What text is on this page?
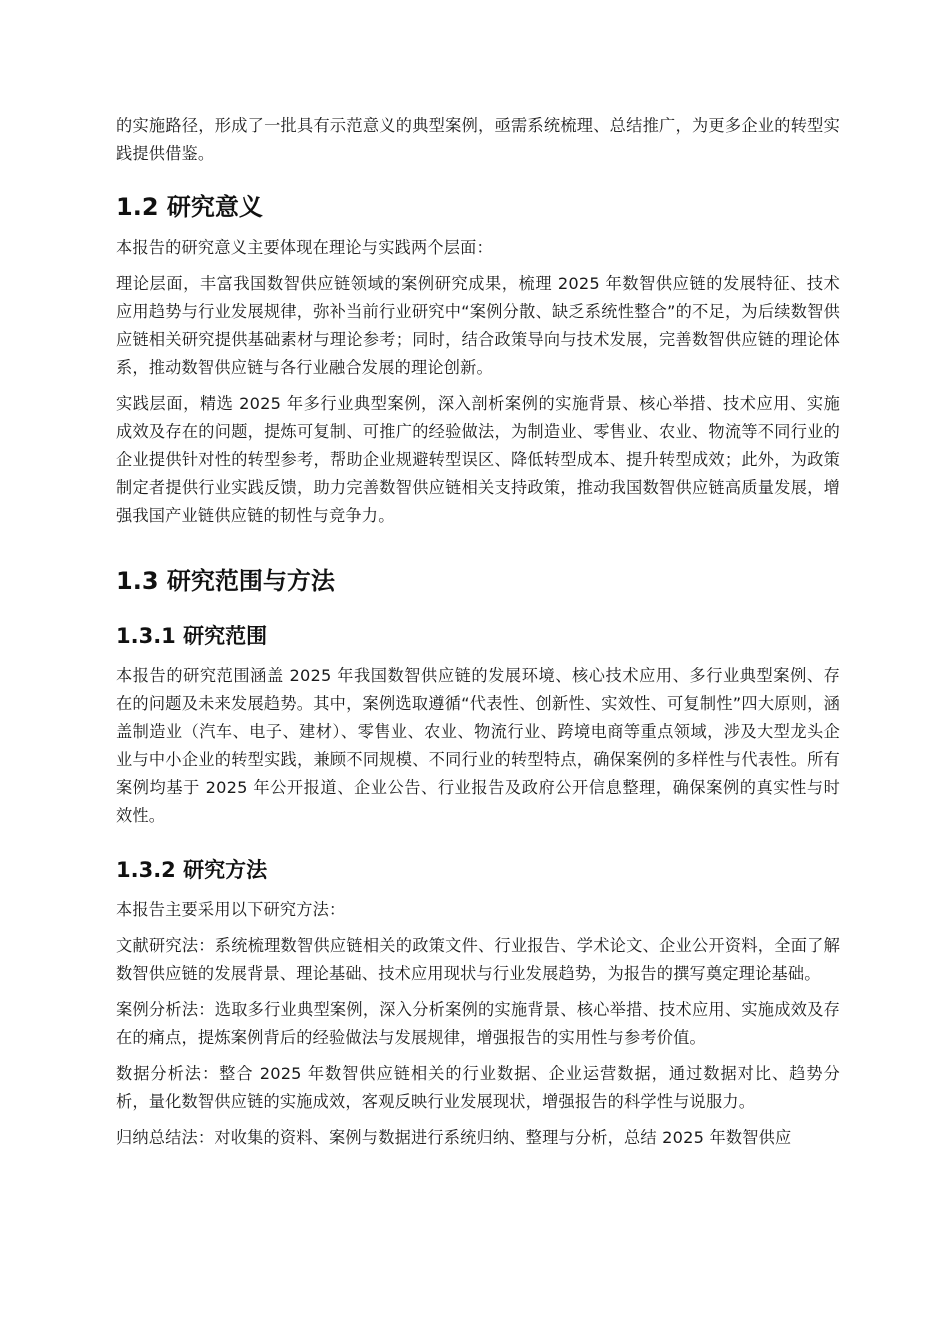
的实施路径，形成了一批具有示范意义的典型案例，亟需系统梳理、总结推广，为更多企业的转型实践提供借鉴。

1.2 研究意义

本报告的研究意义主要体现在理论与实践两个层面：

理论层面，丰富我国数智供应链领域的案例研究成果，梳理 2025 年数智供应链的发展特征、技术应用趋势与行业发展规律，弥补当前行业研究中“案例分散、缺乏系统性整合”的不足，为后续数智供应链相关研究提供基础素材与理论参考；同时，结合政策导向与技术发展，完善数智供应链的理论体系，推动数智供应链与各行业融合发展的理论创新。

实践层面，精选 2025 年多行业典型案例，深入剖析案例的实施背景、核心举措、技术应用、实施成效及存在的问题，提炼可复制、可推广的经验做法，为制造业、零售业、农业、物流等不同行业的企业提供针对性的转型参考，帮助企业规避转型误区、降低转型成本、提升转型成效；此外，为政策制定者提供行业实践反馈，助力完善数智供应链相关支持政策，推动我国数智供应链高质量发展，增强我国产业链供应链的韧性与竞争力。

1.3 研究范围与方法
1.3.1 研究范围

本报告的研究范围涵盖 2025 年我国数智供应链的发展环境、核心技术应用、多行业典型案例、存在的问题及未来发展趋势。其中，案例选取遵循“代表性、创新性、实效性、可复制性”四大原则，涵盖制造业（汽车、电子、建材）、零售业、农业、物流行业、跨境电商等重点领域，涉及大型龙头企业与中小企业的转型实践，兼顾不同规模、不同行业的转型特点，确保案例的多样性与代表性。所有案例均基于 2025 年公开报道、企业公告、行业报告及政府公开信息整理，确保案例的真实性与时效性。

1.3.2 研究方法

本报告主要采用以下研究方法：

文献研究法：系统梳理数智供应链相关的政策文件、行业报告、学术论文、企业公开资料，全面了解数智供应链的发展背景、理论基础、技术应用现状与行业发展趋势，为报告的撰写奠定理论基础。

案例分析法：选取多行业典型案例，深入分析案例的实施背景、核心举措、技术应用、实施成效及存在的痛点，提炼案例背后的经验做法与发展规律，增强报告的实用性与参考价值。

数据分析法：整合 2025 年数智供应链相关的行业数据、企业运营数据，通过数据对比、趋势分析，量化数智供应链的实施成效，客观反映行业发展现状，增强报告的科学性与说服力。

归纳总结法：对收集的资料、案例与数据进行系统归纳、整理与分析，总结 2025 年数智供应
